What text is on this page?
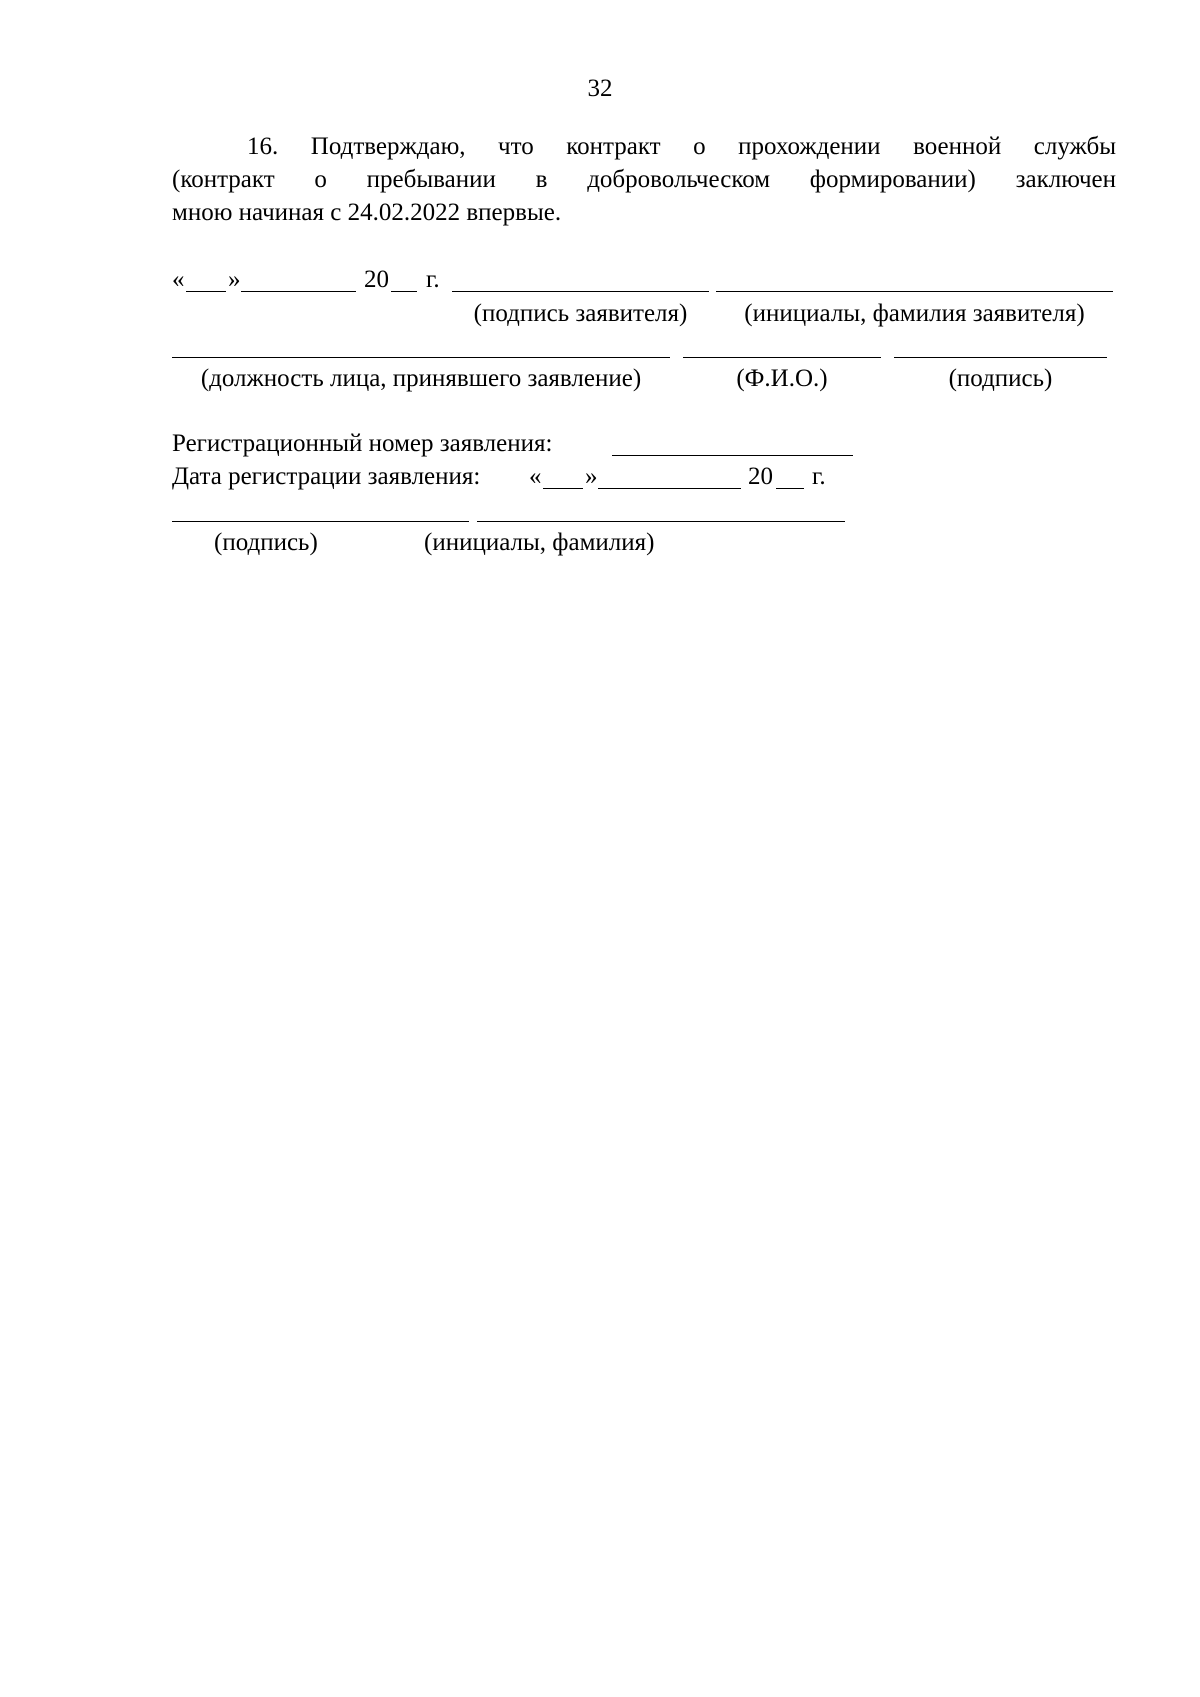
32
16. Подтверждаю, что контракт о прохождении военной службы
(контракт о пребывании в добровольческом формировании) заключен
мною начиная с 24.02.2022 впервые.
« »	20 г.
(подпись заявителя)	(инициалы, фамилия заявителя)
(должность лица, принявшего заявление)	(Ф.И.О.)	(подпись)
Регистрационный номер заявления:
Дата регистрации заявления: « »	20 г.
(подпись)	(инициалы, фамилия)
